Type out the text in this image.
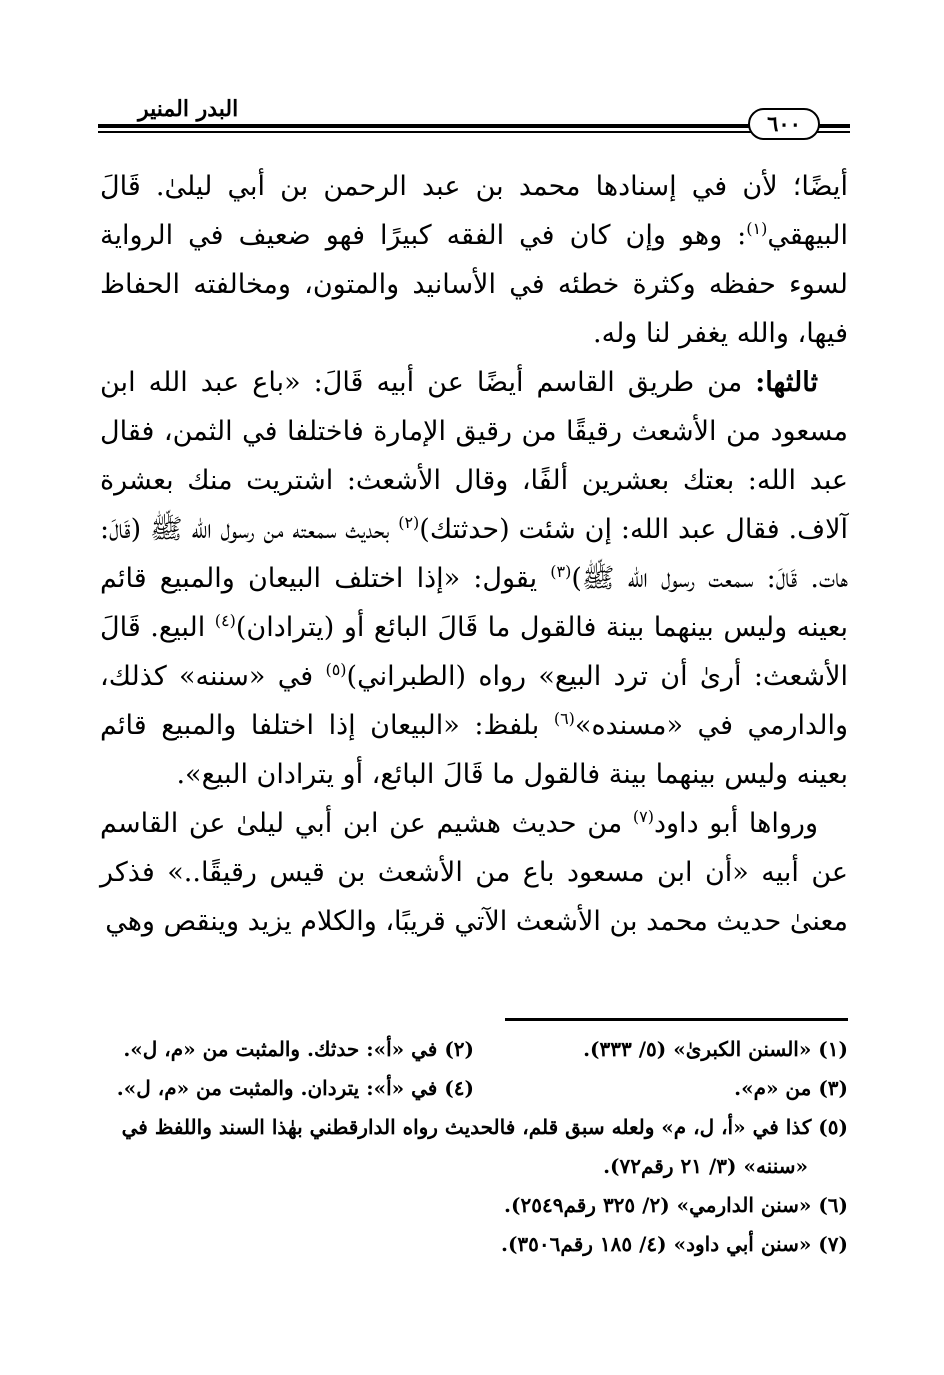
البدر المنير
٦٠٠

أيضًا؛ لأن في إسنادها محمد بن عبد الرحمن بن أبي ليلىٰ. قَالَ البيهقي$^{(١)}$: وهو وإن كان في الفقه كبيرًا فهو ضعيف في الرواية لسوء حفظه وكثرة خطئه في الأسانيد والمتون، ومخالفته الحفاظ فيها، والله يغفر لنا وله.

ثالثها: من طريق القاسم أيضًا عن أبيه قَالَ: «باع عبد الله ابن مسعود من الأشعث رقيقًا من رقيق الإمارة فاختلفا في الثمن، فقال عبد الله: بعتك بعشرين ألفًا، وقال الأشعث: اشتريت منك بعشرة آلاف. فقال عبد الله: إن شئت (حدثتك)$^{(٢)}$ بحديث سمعته من رسول الله ﷺ (قَالَ: هات. قَالَ: سمعت رسول الله ﷺ)$^{(٣)}$ يقول: «إذا اختلف البيعان والمبيع قائم بعينه وليس بينهما بينة فالقول ما قَالَ البائع أو (يترادان)$^{(٤)}$ البيع. قَالَ الأشعث: أرىٰ أن ترد البيع» رواه (الطبراني)$^{(٥)}$ في «سننه» كذلك، والدارمي في «مسنده»$^{(٦)}$ بلفظ: «البيعان إذا اختلفا والمبيع قائم بعينه وليس بينهما بينة فالقول ما قَالَ البائع، أو يترادان البيع».

ورواها أبو داود$^{(٧)}$ من حديث هشيم عن ابن أبي ليلىٰ عن القاسم عن أبيه «أن ابن مسعود باع من الأشعث بن قيس رقيقًا..» فذكر معنىٰ حديث محمد بن الأشعث الآتي قريبًا، والكلام يزيد وينقص وهي

(١) «السنن الكبرىٰ» (٥/ ٣٣٣).
(٢) في «أ»: حدثك. والمثبت من «م، ل».
(٣) من «م».
(٤) في «أ»: يتردان. والمثبت من «م، ل».
(٥) كذا في «أ، ل، م» ولعله سبق قلم، فالحديث رواه الدارقطني بهٰذا السند واللفظ في
«سننه» (٣/ ٢١ رقم٧٢).
(٦) «سنن الدارمي» (٢/ ٣٢٥ رقم٢٥٤٩).
(٧) «سنن أبي داود» (٤/ ١٨٥ رقم٣٥٠٦).
